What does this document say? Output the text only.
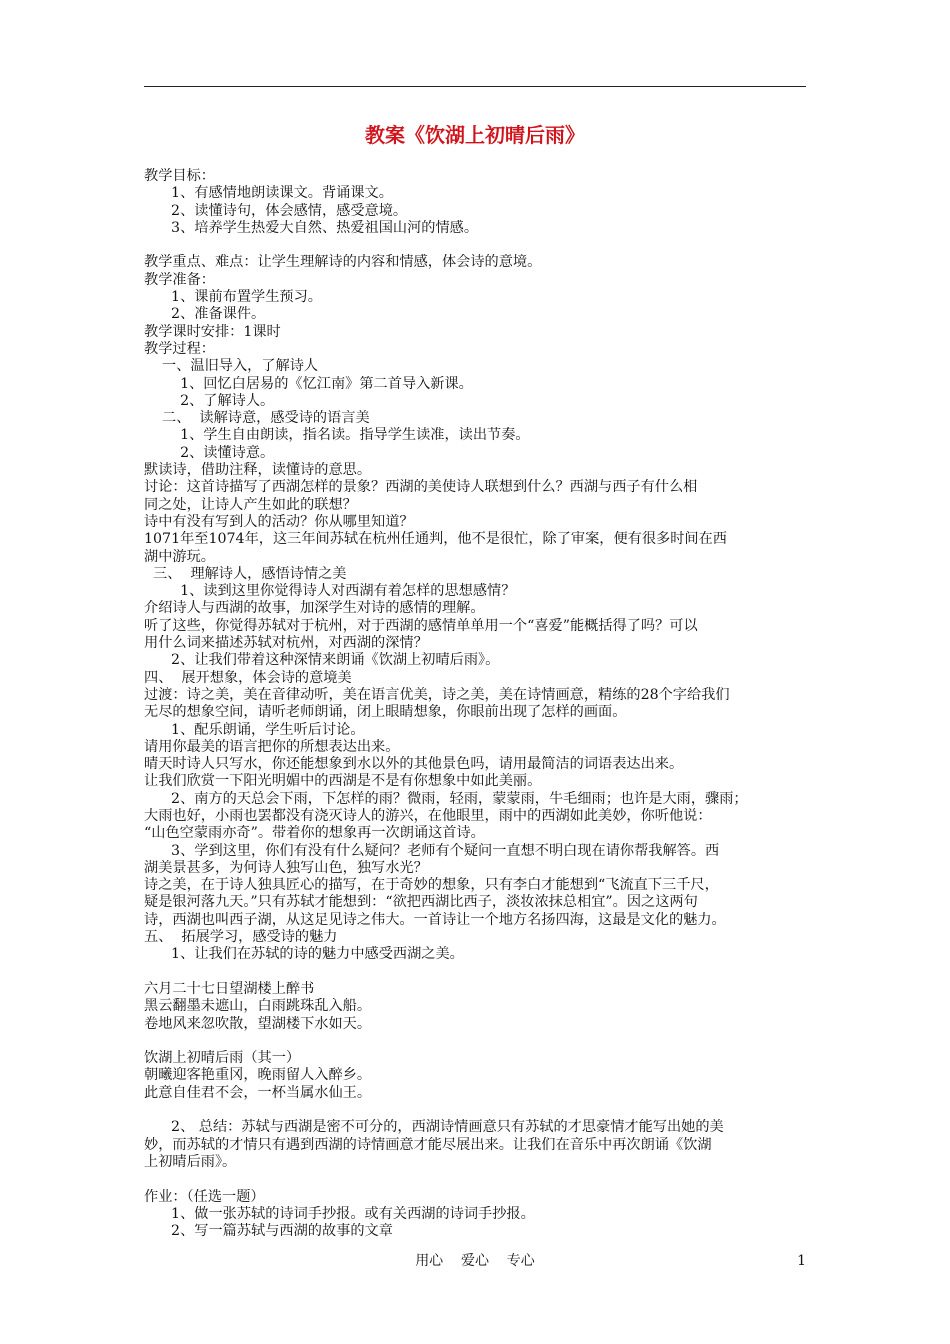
教案《饮湖上初晴后雨》
教学目标：
1、有感情地朗读课文。背诵课文。
2、读懂诗句，体会感情，感受意境。
3、培养学生热爱大自然、热爱祖国山河的情感。
教学重点、难点：让学生理解诗的内容和情感，体会诗的意境。
教学准备：
1、课前布置学生预习。
2、准备课件。
教学课时安排：1课时
教学过程：
一、温旧导入，了解诗人
1、回忆白居易的《忆江南》第二首导入新课。
2、了解诗人。
二、  读解诗意，感受诗的语言美
1、学生自由朗读，指名读。指导学生读准，读出节奏。
2、读懂诗意。
默读诗，借助注释，读懂诗的意思。
讨论：这首诗描写了西湖怎样的景象？西湖的美使诗人联想到什么？西湖与西子有什么相
同之处，让诗人产生如此的联想？
诗中有没有写到人的活动？你从哪里知道？
1071年至1074年，这三年间苏轼在杭州任通判，他不是很忙，除了审案，便有很多时间在西
湖中游玩。
三、  理解诗人，感悟诗情之美
1、读到这里你觉得诗人对西湖有着怎样的思想感情？
介绍诗人与西湖的故事，加深学生对诗的感情的理解。
听了这些，你觉得苏轼对于杭州，对于西湖的感情单单用一个“喜爱”能概括得了吗？可以
用什么词来描述苏轼对杭州，对西湖的深情？
2、让我们带着这种深情来朗诵《饮湖上初晴后雨》。
四、  展开想象，体会诗的意境美
过渡：诗之美，美在音律动听，美在语言优美，诗之美，美在诗情画意，精练的28个字给我们
无尽的想象空间，请听老师朗诵，闭上眼睛想象，你眼前出现了怎样的画面。
1、配乐朗诵，学生听后讨论。
请用你最美的语言把你的所想表达出来。
晴天时诗人只写水，你还能想象到水以外的其他景色吗，请用最简洁的词语表达出来。
让我们欣赏一下阳光明媚中的西湖是不是有你想象中如此美丽。
2、南方的天总会下雨，下怎样的雨？微雨，轻雨，蒙蒙雨，牛毛细雨；也许是大雨，骤雨；
大雨也好，小雨也罢都没有浇灭诗人的游兴，在他眼里，雨中的西湖如此美妙，你听他说：
“山色空蒙雨亦奇”。带着你的想象再一次朗诵这首诗。
3、学到这里，你们有没有什么疑问？老师有个疑问一直想不明白现在请你帮我解答。西
湖美景甚多，为何诗人独写山色，独写水光？
诗之美，在于诗人独具匠心的描写，在于奇妙的想象，只有李白才能想到“飞流直下三千尺，
疑是银河落九天。”只有苏轼才能想到：“欲把西湖比西子，淡妆浓抹总相宜”。因之这两句
诗，西湖也叫西子湖，从这足见诗之伟大。一首诗让一个地方名扬四海，这最是文化的魅力。
五、  拓展学习，感受诗的魅力
1、让我们在苏轼的诗的魅力中感受西湖之美。
六月二十七日望湖楼上醉书
黑云翻墨未遮山，白雨跳珠乱入船。
卷地风来忽吹散，望湖楼下水如天。
饮湖上初晴后雨（其一）
朝曦迎客艳重冈，晚雨留人入醉乡。
此意自佳君不会，一杯当属水仙王。
2、 总结：苏轼与西湖是密不可分的，西湖诗情画意只有苏轼的才思豪情才能写出她的美
妙，而苏轼的才情只有遇到西湖的诗情画意才能尽展出来。让我们在音乐中再次朗诵《饮湖
上初晴后雨》。
作业：（任选一题）
1、做一张苏轼的诗词手抄报。或有关西湖的诗词手抄报。
2、写一篇苏轼与西湖的故事的文章
用心    爱心    专心	1
